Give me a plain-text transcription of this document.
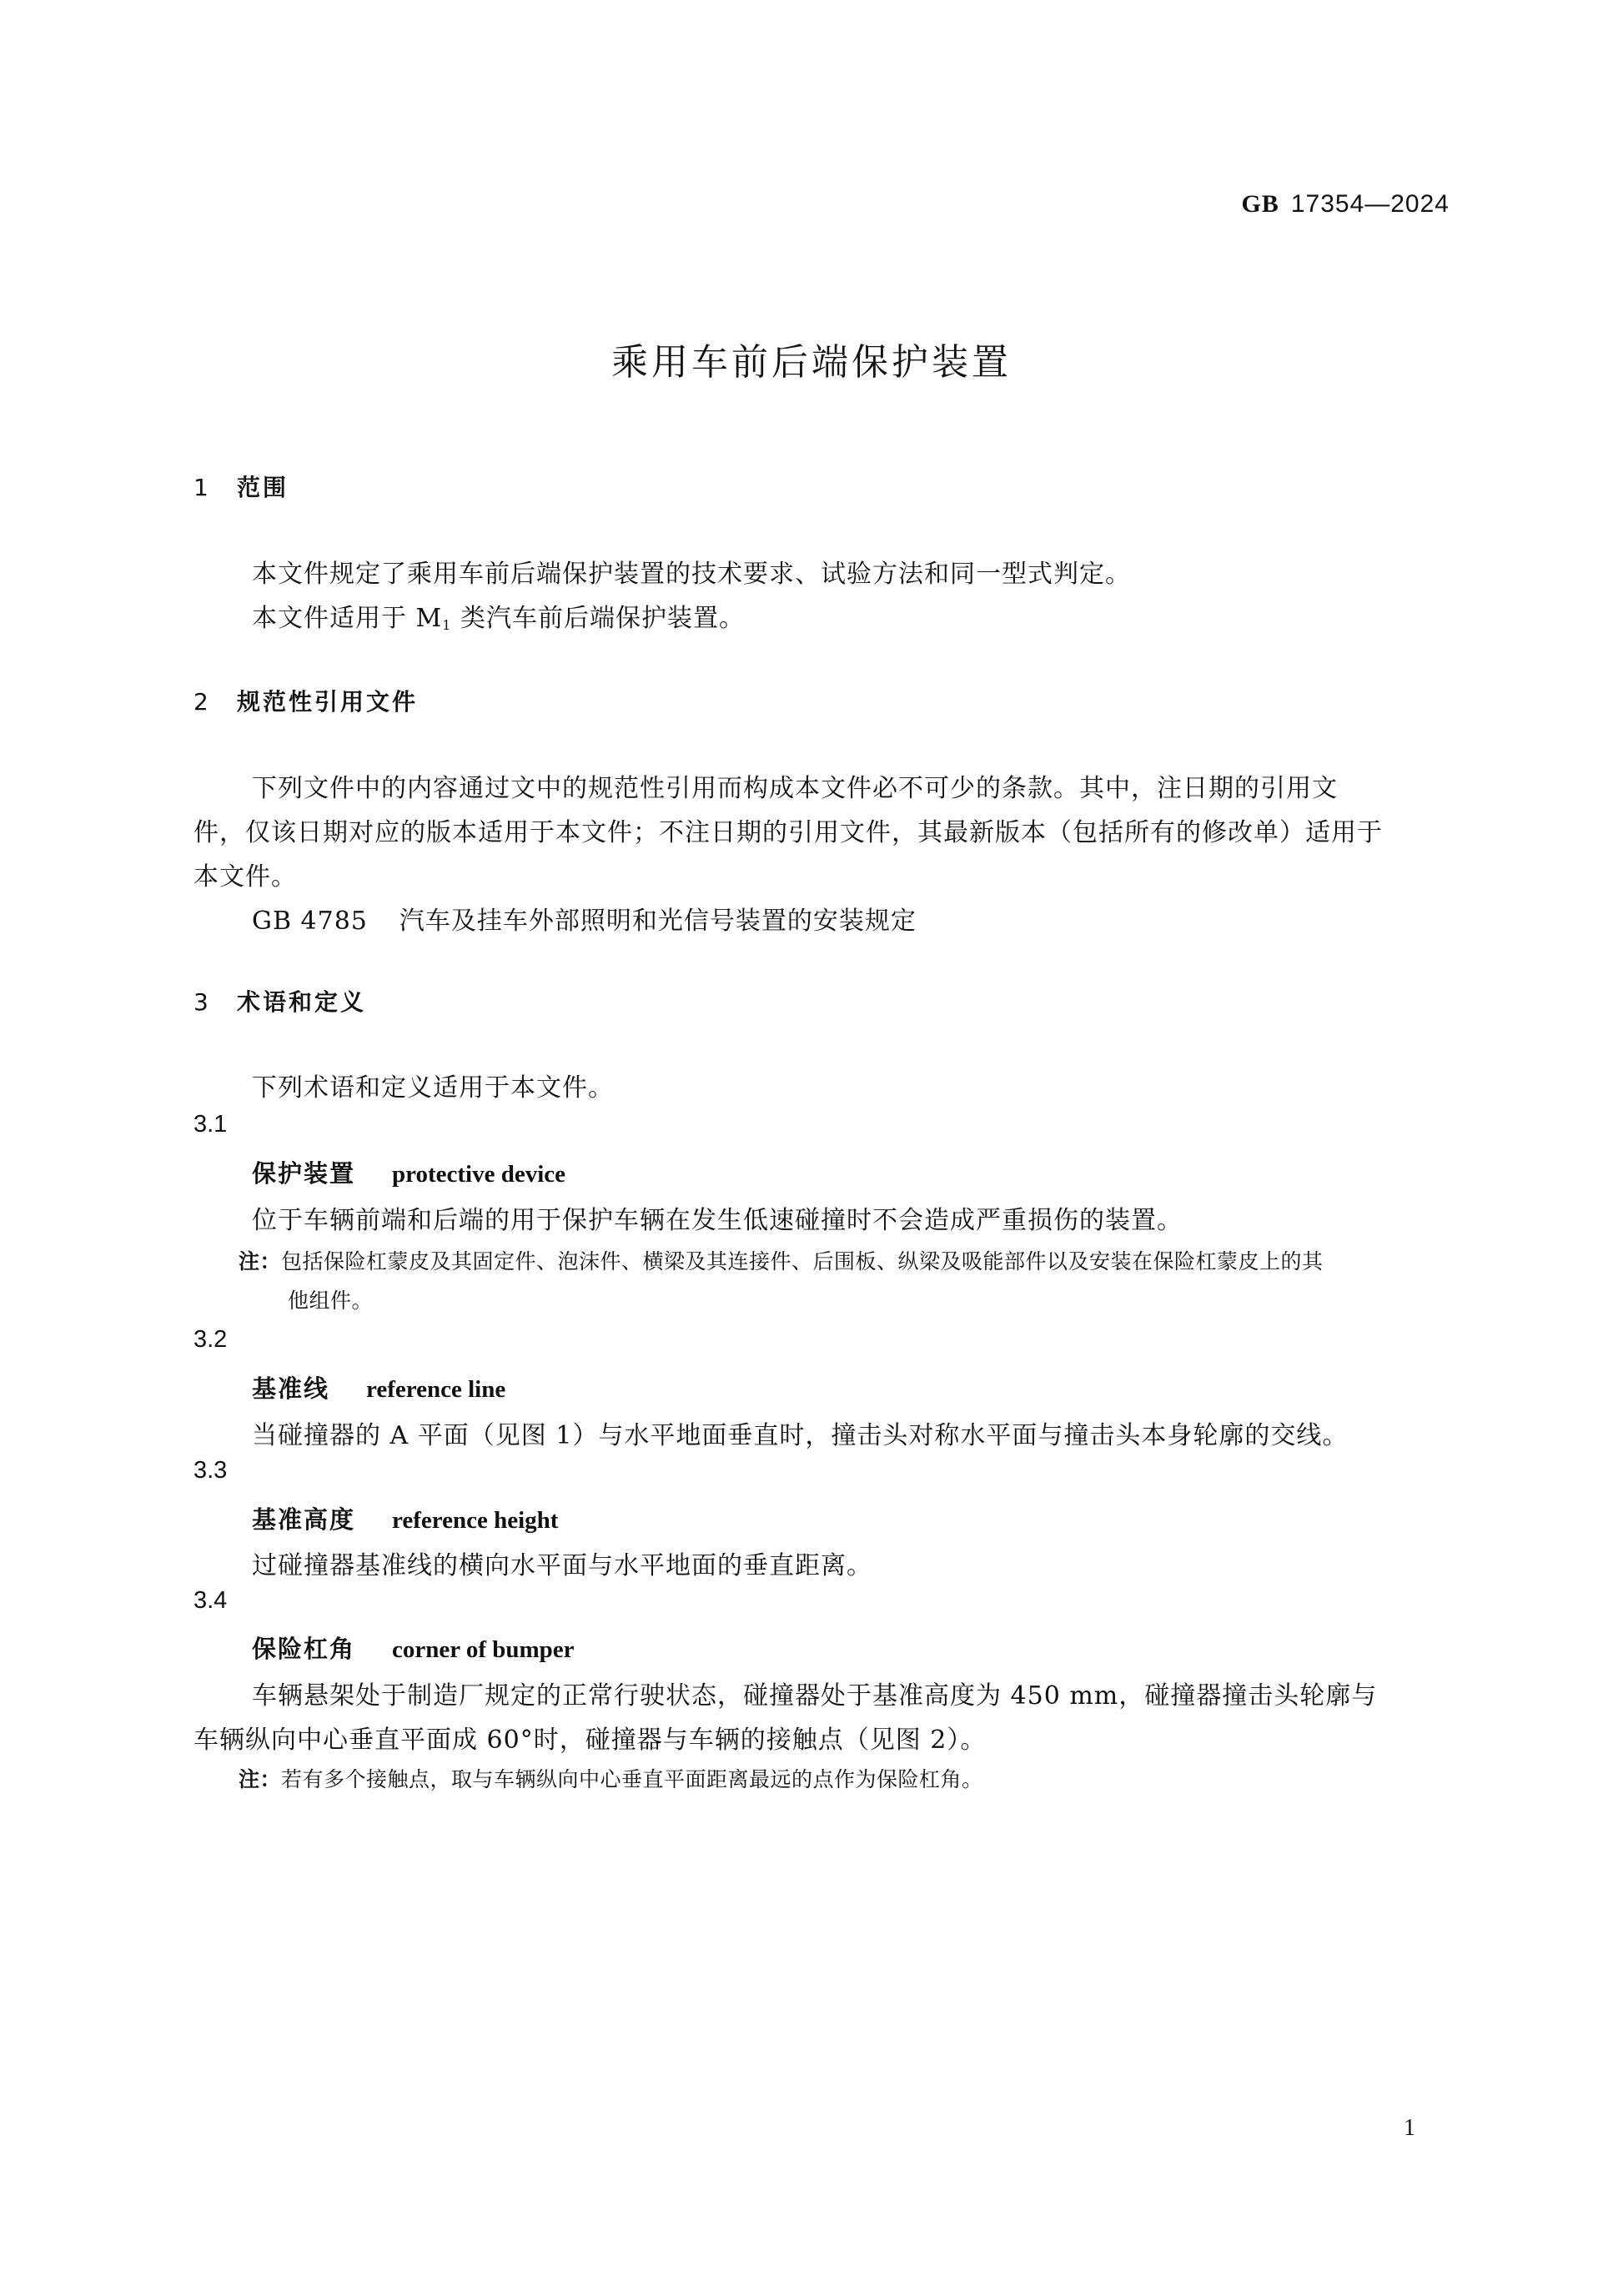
GB 17354—2024
乘用车前后端保护装置
1 范围
本文件规定了乘用车前后端保护装置的技术要求、试验方法和同一型式判定。
本文件适用于 $M_1$ 类汽车前后端保护装置。
2 规范性引用文件
下列文件中的内容通过文中的规范性引用而构成本文件必不可少的条款。其中，注日期的引用文
件，仅该日期对应的版本适用于本文件；不注日期的引用文件，其最新版本（包括所有的修改单）适用于
本文件。
GB 4785 汽车及挂车外部照明和光信号装置的安装规定
3 术语和定义
下列术语和定义适用于本文件。
3.1
保护装置 protective device
位于车辆前端和后端的用于保护车辆在发生低速碰撞时不会造成严重损伤的装置。
注：包括保险杠蒙皮及其固定件、泡沫件、横梁及其连接件、后围板、纵梁及吸能部件以及安装在保险杠蒙皮上的其
他组件。
3.2
基准线 reference line
当碰撞器的 A 平面（见图 1）与水平地面垂直时，撞击头对称水平面与撞击头本身轮廓的交线。
3.3
基准高度 reference height
过碰撞器基准线的横向水平面与水平地面的垂直距离。
3.4
保险杠角 corner of bumper
车辆悬架处于制造厂规定的正常行驶状态，碰撞器处于基准高度为 450 mm，碰撞器撞击头轮廓与
车辆纵向中心垂直平面成 60°时，碰撞器与车辆的接触点（见图 2）。
注：若有多个接触点，取与车辆纵向中心垂直平面距离最远的点作为保险杠角。
1
